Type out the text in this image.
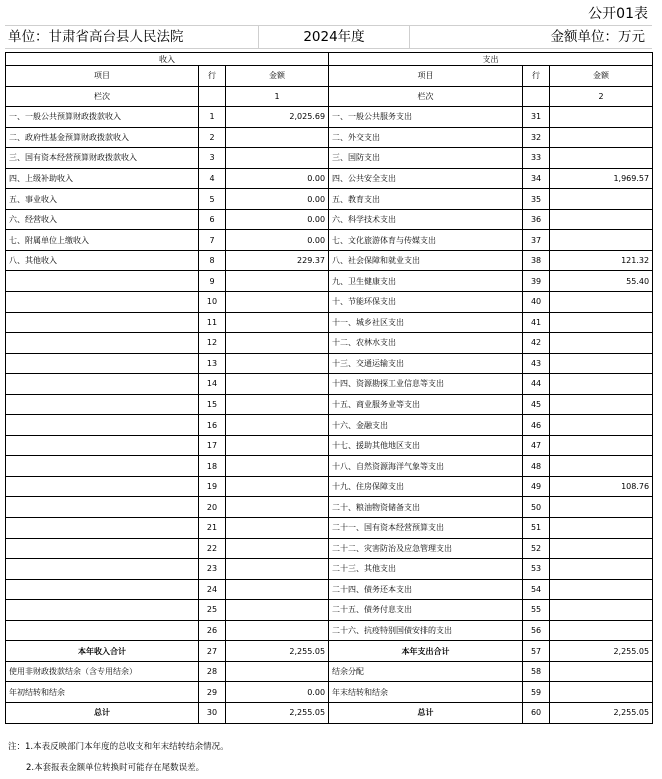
公开01表
单位：甘肃省高台县人民法院	2024年度	金额单位：万元
收入			支出		
项目	行	金额	项目	行	金额
栏次		1	栏次		2
一、一般公共预算财政拨款收入	1	2,025.69	一、一般公共服务支出	31	
二、政府性基金预算财政拨款收入	2		二、外交支出	32	
三、国有资本经营预算财政拨款收入	3		三、国防支出	33	
四、上级补助收入	4	0.00	四、公共安全支出	34	1,969.57
五、事业收入	5	0.00	五、教育支出	35	
六、经营收入	6	0.00	六、科学技术支出	36	
七、附属单位上缴收入	7	0.00	七、文化旅游体育与传媒支出	37	
八、其他收入	8	229.37	八、社会保障和就业支出	38	121.32
	9		九、卫生健康支出	39	55.40
	10		十、节能环保支出	40	
	11		十一、城乡社区支出	41	
	12		十二、农林水支出	42	
	13		十三、交通运输支出	43	
	14		十四、资源勘探工业信息等支出	44	
	15		十五、商业服务业等支出	45	
	16		十六、金融支出	46	
	17		十七、援助其他地区支出	47	
	18		十八、自然资源海洋气象等支出	48	
	19		十九、住房保障支出	49	108.76
	20		二十、粮油物资储备支出	50	
	21		二十一、国有资本经营预算支出	51	
	22		二十二、灾害防治及应急管理支出	52	
	23		二十三、其他支出	53	
	24		二十四、债务还本支出	54	
	25		二十五、债务付息支出	55	
	26		二十六、抗疫特别国债安排的支出	56	
本年收入合计	27	2,255.05	本年支出合计	57	2,255.05
使用非财政拨款结余（含专用结余）	28		结余分配	58	
年初结转和结余	29	0.00	年末结转和结余	59	
总计	30	2,255.05	总计	60	2,255.05
注：1.本表反映部门本年度的总收支和年末结转结余情况。
2.本套报表金额单位转换时可能存在尾数误差。
